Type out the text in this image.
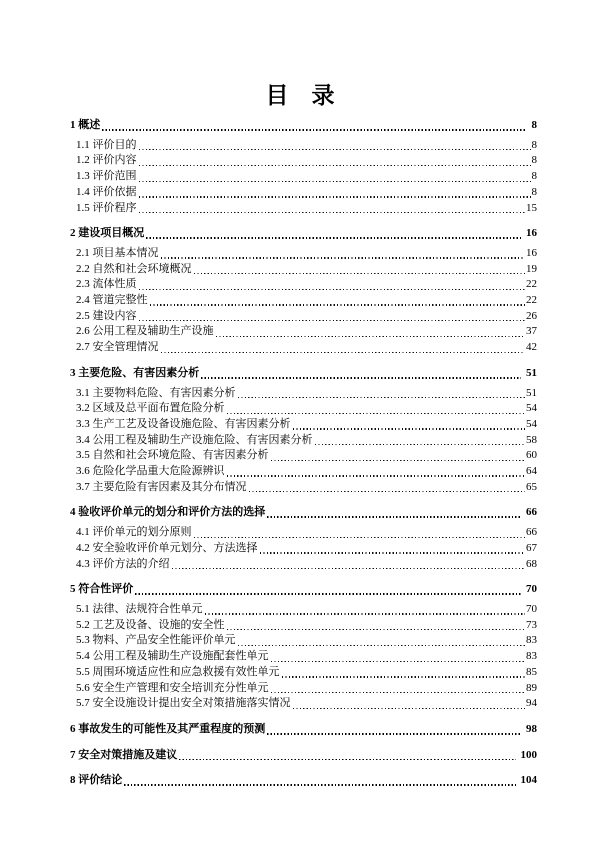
目　录
1 概述	8
1.1 评价目的	8
1.2 评价内容	8
1.3 评价范围	8
1.4 评价依据	8
1.5 评价程序	15
2 建设项目概况	16
2.1 项目基本情况	16
2.2 自然和社会环境概况	19
2.3 流体性质	22
2.4 管道完整性	22
2.5 建设内容	26
2.6 公用工程及辅助生产设施	37
2.7 安全管理情况	42
3 主要危险、有害因素分析	51
3.1 主要物料危险、有害因素分析	51
3.2 区域及总平面布置危险分析	54
3.3 生产工艺及设备设施危险、有害因素分析	54
3.4 公用工程及辅助生产设施危险、有害因素分析	58
3.5 自然和社会环境危险、有害因素分析	60
3.6 危险化学品重大危险源辨识	64
3.7 主要危险有害因素及其分布情况	65
4 验收评价单元的划分和评价方法的选择	66
4.1 评价单元的划分原则	66
4.2 安全验收评价单元划分、方法选择	67
4.3 评价方法的介绍	68
5 符合性评价	70
5.1 法律、法规符合性单元	70
5.2 工艺及设备、设施的安全性	73
5.3 物料、产品安全性能评价单元	83
5.4 公用工程及辅助生产设施配套性单元	83
5.5 周围环境适应性和应急救援有效性单元	85
5.6 安全生产管理和安全培训充分性单元	89
5.7 安全设施设计提出安全对策措施落实情况	94
6 事故发生的可能性及其严重程度的预测	98
7 安全对策措施及建议	100
8 评价结论	104
